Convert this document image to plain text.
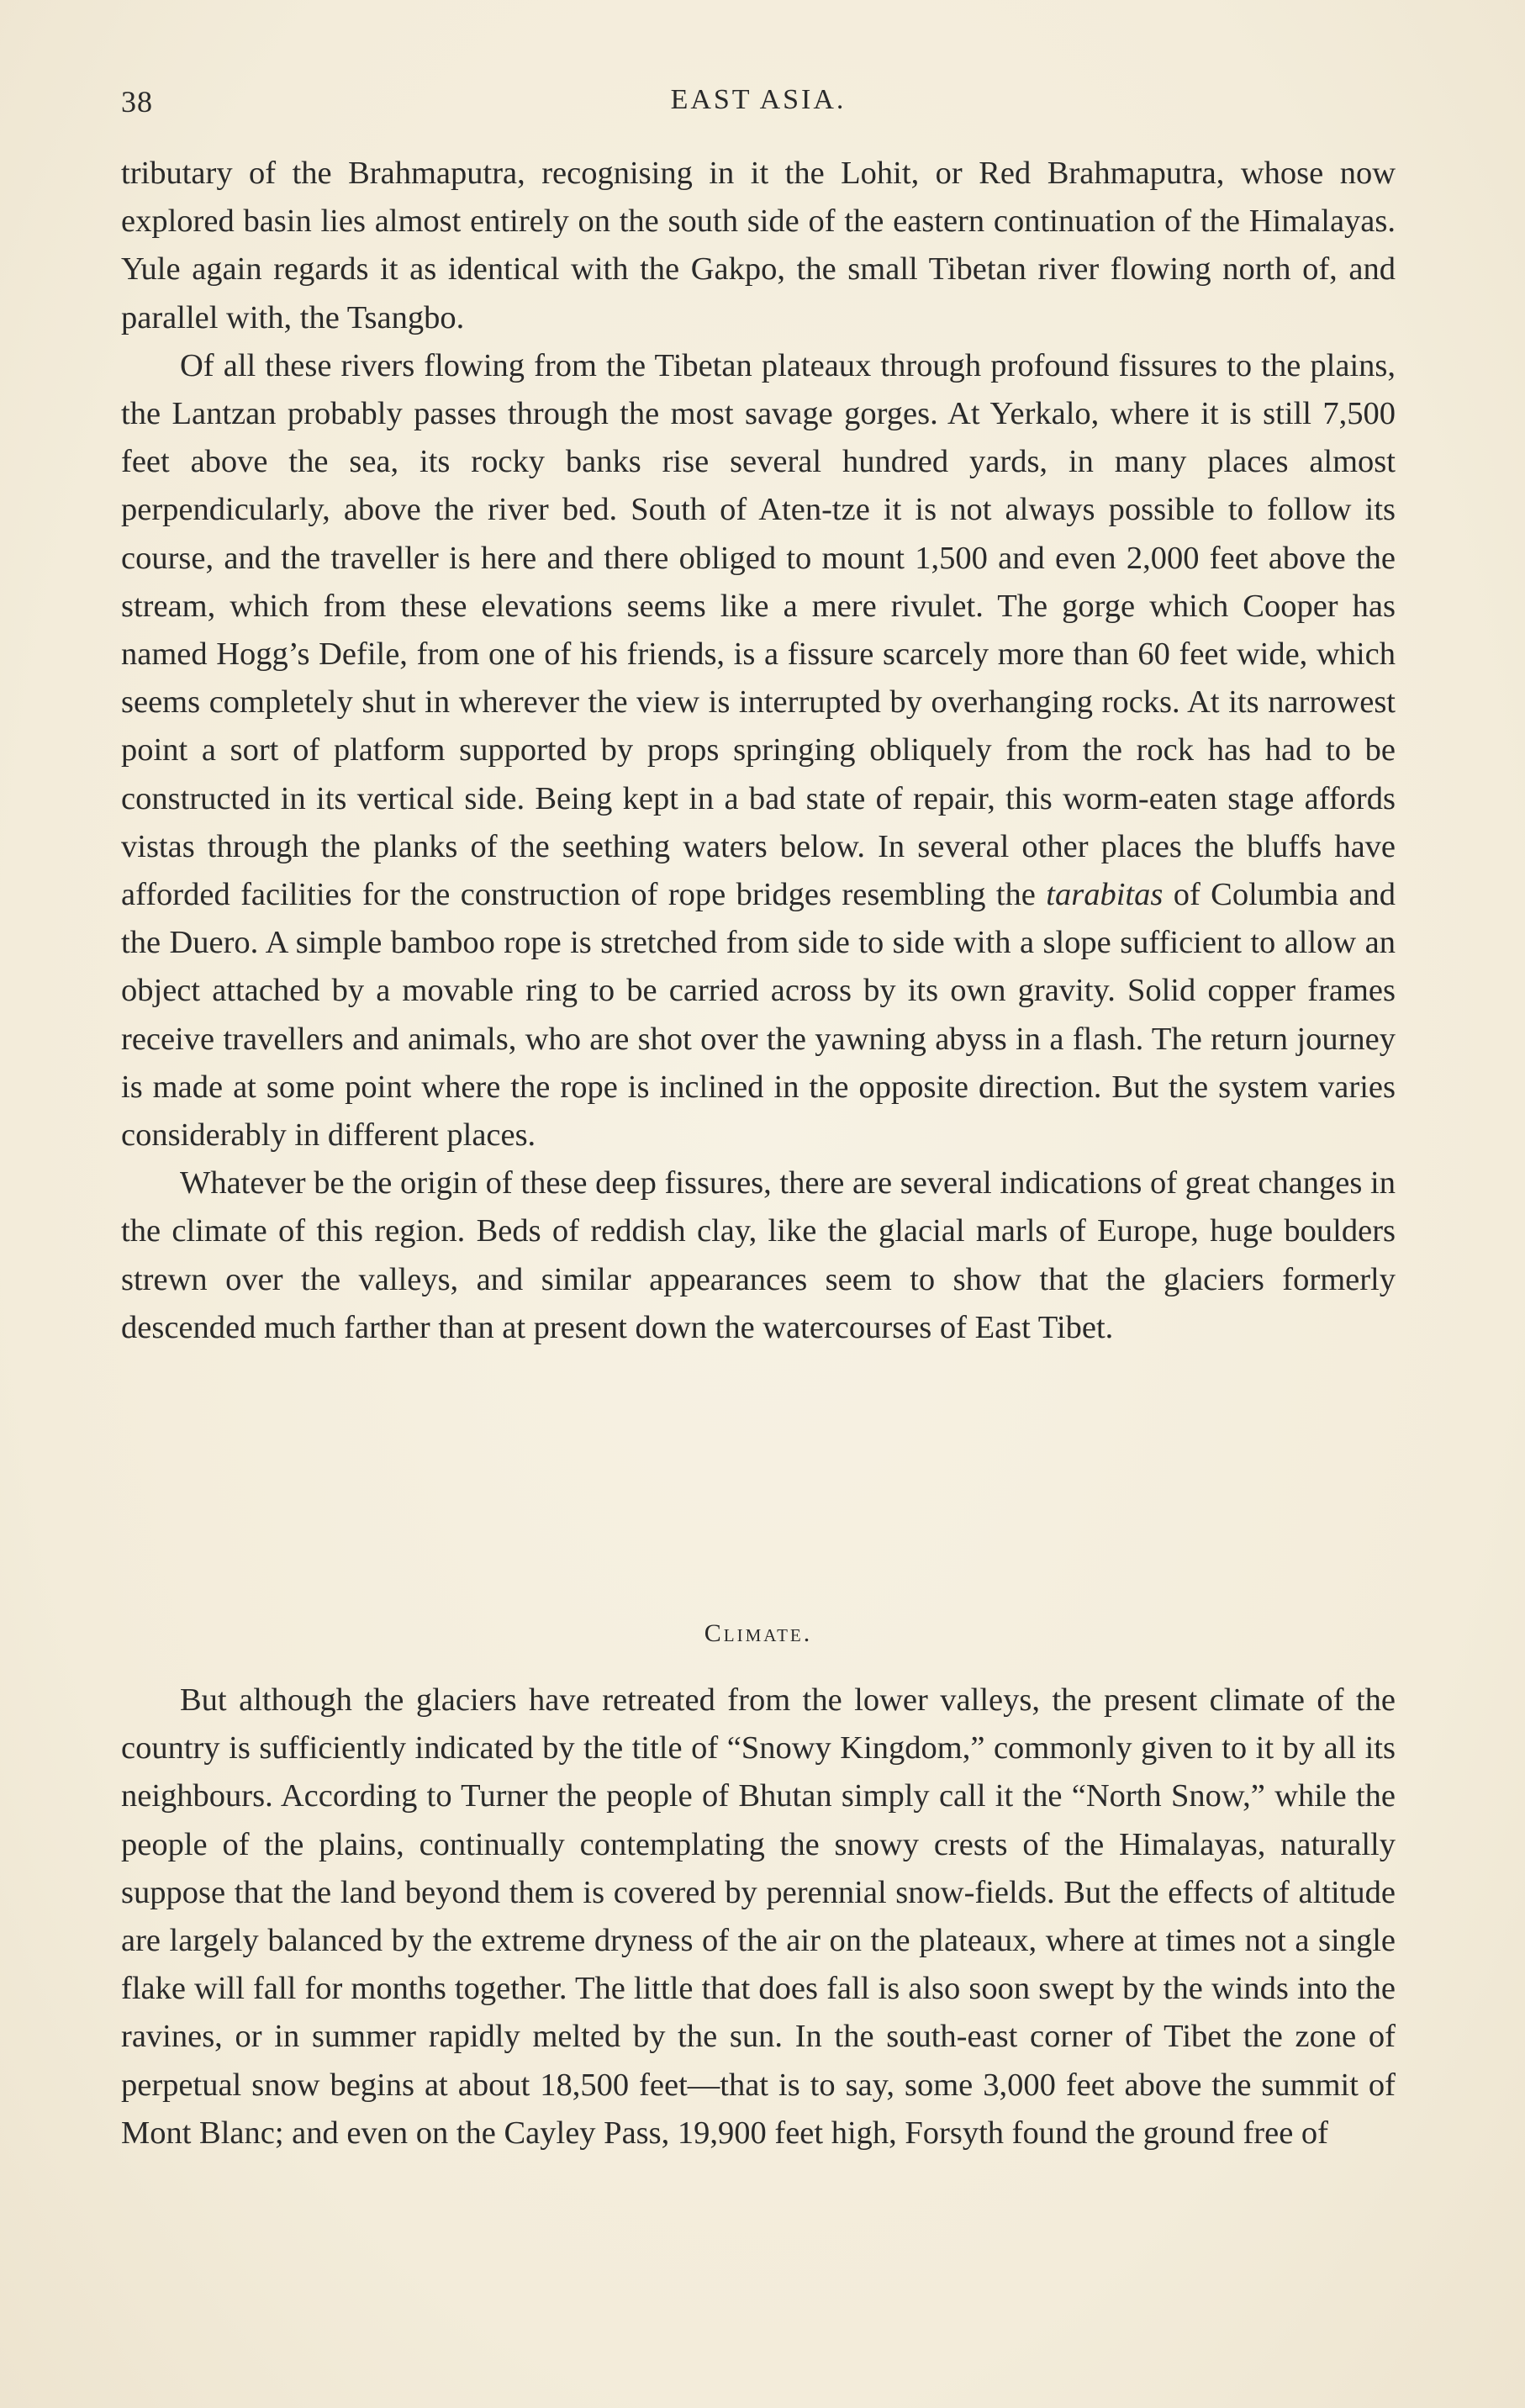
38	EAST ASIA.

tributary of the Brahmaputra, recognising in it the Lohit, or Red Brahmaputra, whose now explored basin lies almost entirely on the south side of the eastern continuation of the Himalayas. Yule again regards it as identical with the Gakpo, the small Tibetan river flowing north of, and parallel with, the Tsangbo.

Of all these rivers flowing from the Tibetan plateaux through profound fissures to the plains, the Lantzan probably passes through the most savage gorges. At Yerkalo, where it is still 7,500 feet above the sea, its rocky banks rise several hundred yards, in many places almost perpendicularly, above the river bed. South of Aten-tze it is not always possible to follow its course, and the traveller is here and there obliged to mount 1,500 and even 2,000 feet above the stream, which from these elevations seems like a mere rivulet. The gorge which Cooper has named Hogg’s Defile, from one of his friends, is a fissure scarcely more than 60 feet wide, which seems completely shut in wherever the view is interrupted by overhanging rocks. At its narrowest point a sort of platform supported by props springing obliquely from the rock has had to be constructed in its vertical side. Being kept in a bad state of repair, this worm-eaten stage affords vistas through the planks of the seething waters below. In several other places the bluffs have afforded facilities for the construction of rope bridges resembling the tarabitas of Columbia and the Duero. A simple bamboo rope is stretched from side to side with a slope sufficient to allow an object attached by a movable ring to be carried across by its own gravity. Solid copper frames receive travellers and animals, who are shot over the yawning abyss in a flash. The return journey is made at some point where the rope is inclined in the opposite direction. But the system varies considerably in different places.

Whatever be the origin of these deep fissures, there are several indications of great changes in the climate of this region. Beds of reddish clay, like the glacial marls of Europe, huge boulders strewn over the valleys, and similar appearances seem to show that the glaciers formerly descended much farther than at present down the watercourses of East Tibet.

Climate.

But although the glaciers have retreated from the lower valleys, the present climate of the country is sufficiently indicated by the title of “Snowy Kingdom,” commonly given to it by all its neighbours. According to Turner the people of Bhutan simply call it the “North Snow,” while the people of the plains, continually contemplating the snowy crests of the Himalayas, naturally suppose that the land beyond them is covered by perennial snow-fields. But the effects of altitude are largely balanced by the extreme dryness of the air on the plateaux, where at times not a single flake will fall for months together. The little that does fall is also soon swept by the winds into the ravines, or in summer rapidly melted by the sun. In the south-east corner of Tibet the zone of perpetual snow begins at about 18,500 feet—that is to say, some 3,000 feet above the summit of Mont Blanc; and even on the Cayley Pass, 19,900 feet high, Forsyth found the ground free of
